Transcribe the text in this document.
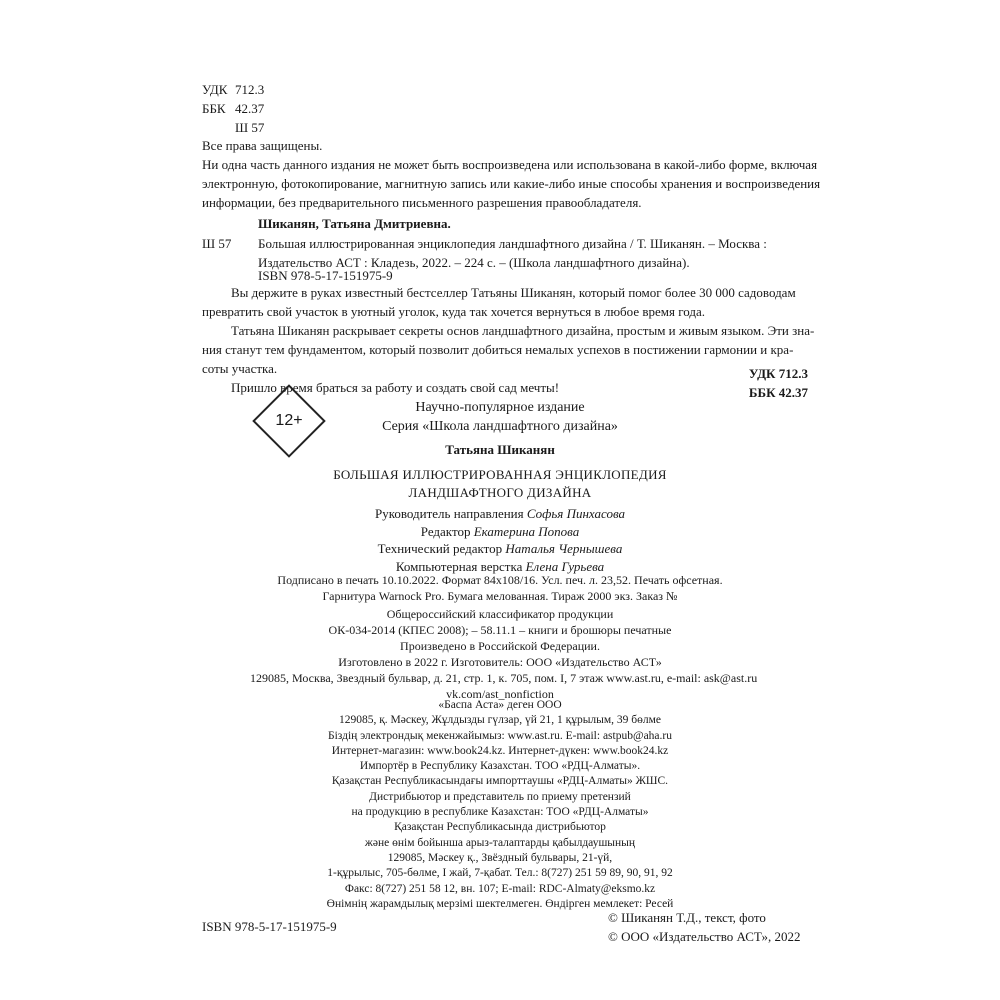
УДК 712.3
ББК 42.37
Ш 57
Все права защищены.
Ни одна часть данного издания не может быть воспроизведена или использована в какой-либо форме, включая
электронную, фотокопирование, магнитную запись или какие-либо иные способы хранения и воспроизведения
информации, без предварительного письменного разрешения правообладателя.
Шиканян, Татьяна Дмитриевна.
Ш 57 Большая иллюстрированная энциклопедия ландшафтного дизайна / Т. Шиканян. – Москва :
Издательство АСТ : Кладезь, 2022. – 224 с. – (Школа ландшафтного дизайна).
ISBN 978-5-17-151975-9
Вы держите в руках известный бестселлер Татьяны Шиканян, который помог более 30 000 садоводам
превратить свой участок в уютный уголок, куда так хочется вернуться в любое время года.
Татьяна Шиканян раскрывает секреты основ ландшафтного дизайна, простым и живым языком. Эти зна-
ния станут тем фундаментом, который позволит добиться немалых успехов в постижении гармонии и кра-
соты участка.
Пришло время браться за работу и создать свой сад мечты!
УДК 712.3
ББК 42.37
12+
Научно-популярное издание
Серия «Школа ландшафтного дизайна»
Татьяна Шиканян
БОЛЬШАЯ ИЛЛЮСТРИРОВАННАЯ ЭНЦИКЛОПЕДИЯ
ЛАНДШАФТНОГО ДИЗАЙНА
Руководитель направления Софья Пинхасова
Редактор Екатерина Попова
Технический редактор Наталья Чернышева
Компьютерная верстка Елена Гурьева
Подписано в печать 10.10.2022. Формат 84x108/16. Усл. печ. л. 23,52. Печать офсетная.
Гарнитура Warnock Pro. Бумага мелованная. Тираж 2000 экз. Заказ №
Общероссийский классификатор продукции
ОК-034-2014 (КПЕС 2008); – 58.11.1 – книги и брошюры печатные
Произведено в Российской Федерации.
Изготовлено в 2022 г. Изготовитель: ООО «Издательство АСТ»
129085, Москва, Звездный бульвар, д. 21, стр. 1, к. 705, пом. I, 7 этаж www.ast.ru, e-mail: ask@ast.ru
vk.com/ast_nonfiction
«Баспа Аста» деген ООО
129085, қ. Мәскеу, Жұлдызды гүлзар, үй 21, 1 құрылым, 39 бөлме
Біздің электрондық мекенжайымыз: www.ast.ru. E-mail: astpub@aha.ru
Интернет-магазин: www.book24.kz. Интернет-дүкен: www.book24.kz
Импортёр в Республику Казахстан. ТОО «РДЦ-Алматы».
Қазақстан Республикасындағы импорттаушы «РДЦ-Алматы» ЖШС.
Дистрибьютор и представитель по приему претензий
на продукцию в республике Казахстан: ТОО «РДЦ-Алматы»
Қазақстан Республикасында дистрибьютор
және өнім бойынша арыз-талаптарды қабылдаушының
129085, Мәскеу қ., Звёздный бульвары, 21-үй,
1-құрылыс, 705-бөлме, I жай, 7-қабат. Тел.: 8(727) 251 59 89, 90, 91, 92
Факс: 8(727) 251 58 12, вн. 107; E-mail: RDC-Almaty@eksmo.kz
Өнімнің жарамдылық мерзімі шектелмеген. Өндірген мемлекет: Ресей
© Шиканян Т.Д., текст, фото
© ООО «Издательство АСТ», 2022
ISBN 978-5-17-151975-9
